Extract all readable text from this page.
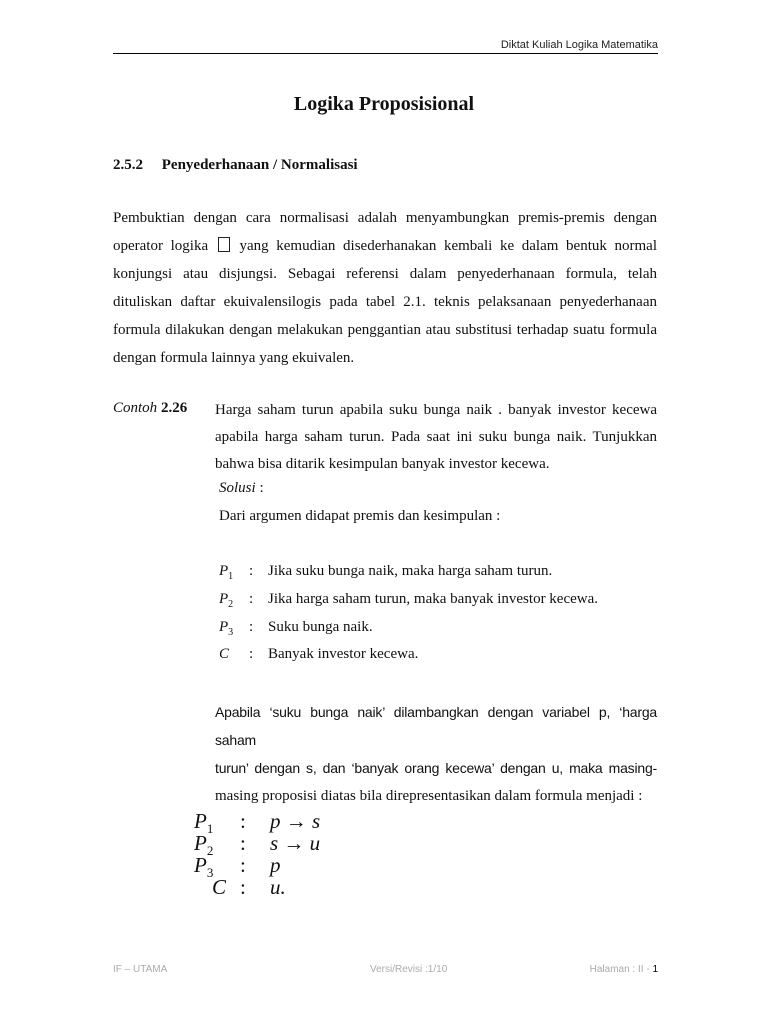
Diktat Kuliah Logika Matematika
Logika Proposisional
2.5.2 Penyederhanaan / Normalisasi
Pembuktian dengan cara normalisasi adalah menyambungkan premis-premis dengan
operator logika yang kemudian disederhanakan kembali ke dalam bentuk normal
konjungsi atau disjungsi. Sebagai referensi dalam penyederhanaan formula, telah
dituliskan daftar ekuivalensilogis pada tabel 2.1. teknis pelaksanaan penyederhanaan
formula dilakukan dengan melakukan penggantian atau substitusi terhadap suatu formula
dengan formula lainnya yang ekuivalen.
Contoh 2.26 Harga saham turun apabila suku bunga naik . banyak investor kecewa
apabila harga saham turun. Pada saat ini suku bunga naik. Tunjukkan
bahwa bisa ditarik kesimpulan banyak investor kecewa.
Solusi :
Dari argumen didapat premis dan kesimpulan :
$P_1$ : Jika suku bunga naik, maka harga saham turun.
$P_2$ : Jika harga saham turun, maka banyak investor kecewa.
$P_3$ : Suku bunga naik.
C : Banyak investor kecewa.
Apabila ‘suku bunga naik’ dilambangkan dengan variabel p, ‘harga saham
turun’ dengan s, dan ‘banyak orang kecewa’ dengan u, maka masing-
masing proposisi diatas bila direpresentasikan dalam formula menjadi :
$P_1$ : p → s
$P_2$ : s → u
$P_3$ : p
C : u.
IF – UTAMA	Versi/Revisi :1/10	Halaman : II - 1
